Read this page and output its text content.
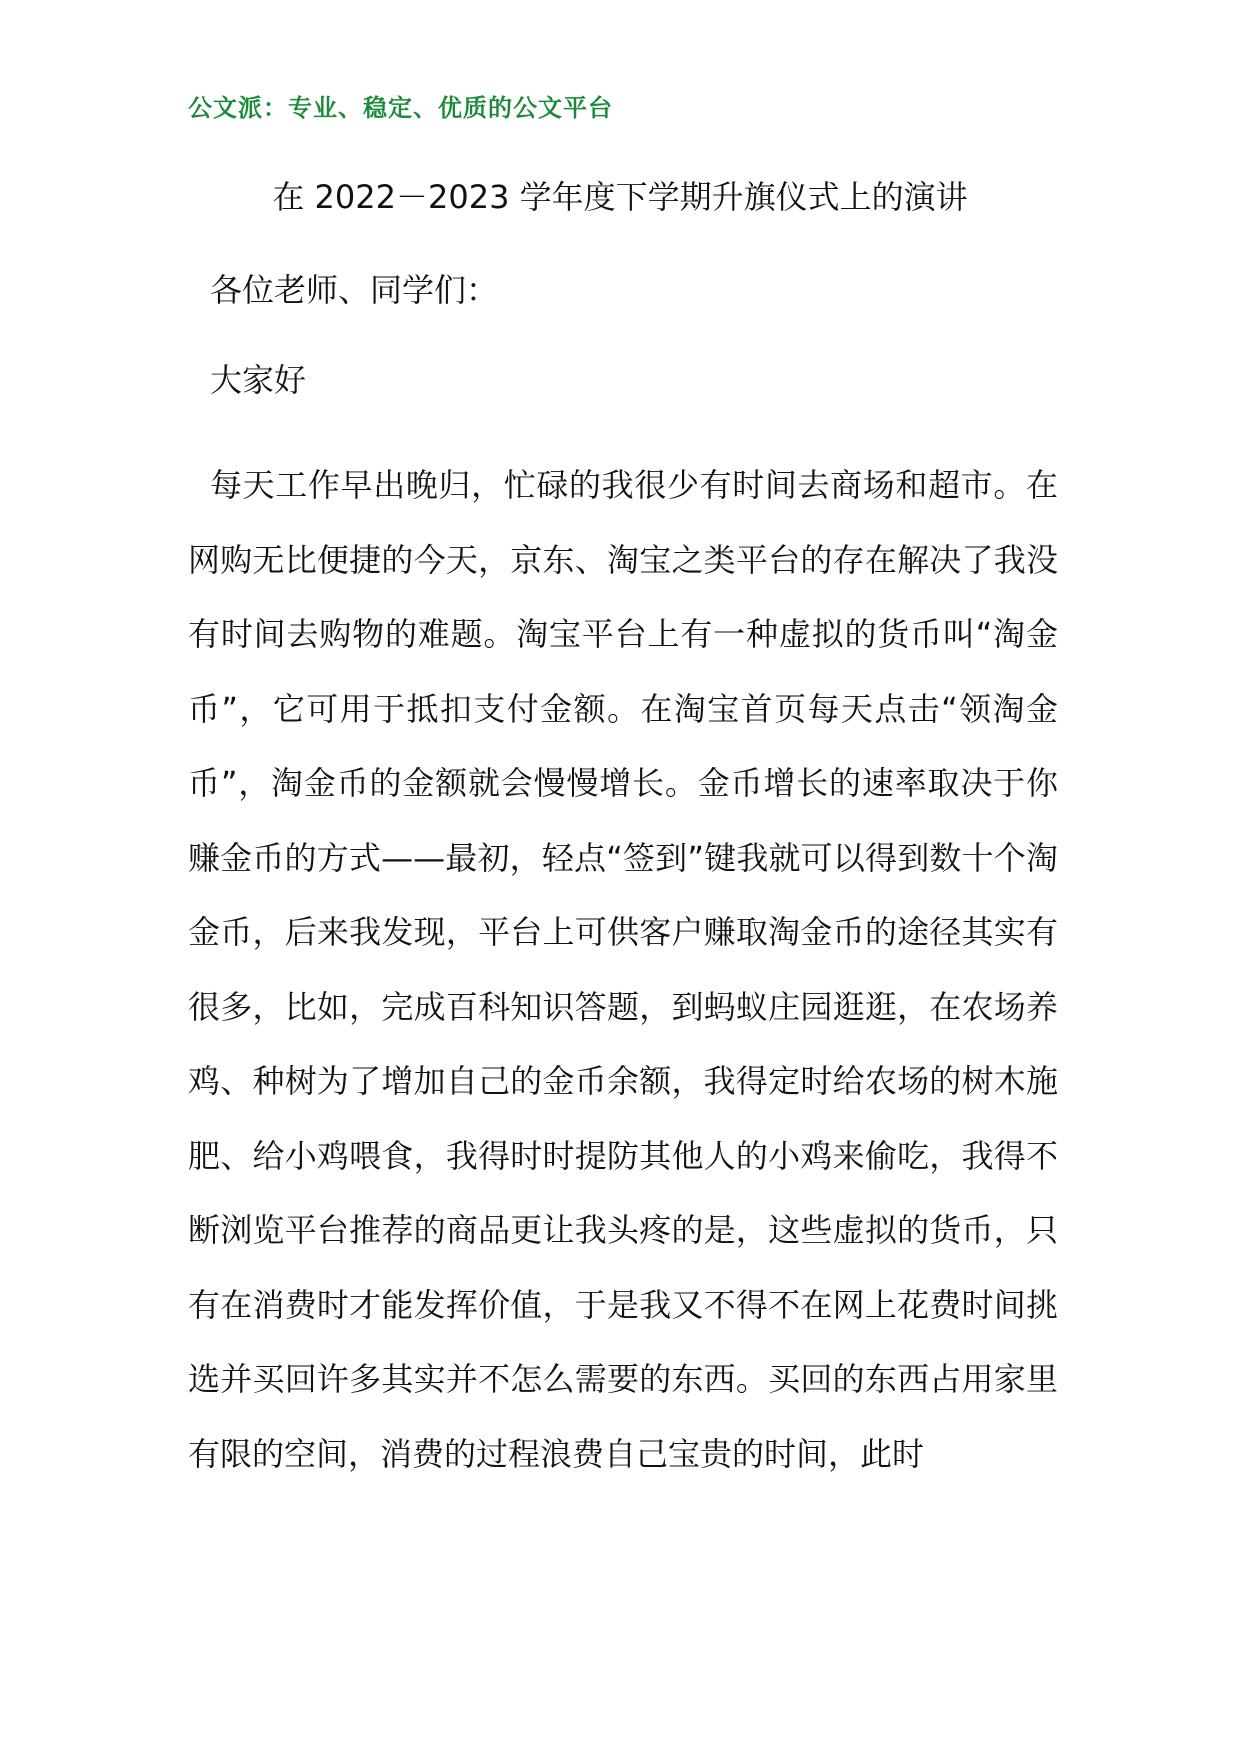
公文派：专业、稳定、优质的公文平台
在 2022－2023 学年度下学期升旗仪式上的演讲
各位老师、同学们：
大家好
每天工作早出晚归，忙碌的我很少有时间去商场和超市。在网购无比便捷的今天，京东、淘宝之类平台的存在解决了我没有时间去购物的难题。淘宝平台上有一种虚拟的货币叫“淘金币”，它可用于抵扣支付金额。在淘宝首页每天点击“领淘金币”，淘金币的金额就会慢慢增长。金币增长的速率取决于你赚金币的方式——最初，轻点“签到”键我就可以得到数十个淘金币，后来我发现，平台上可供客户赚取淘金币的途径其实有很多，比如，完成百科知识答题，到蚂蚁庄园逛逛，在农场养鸡、种树为了增加自己的金币余额，我得定时给农场的树木施肥、给小鸡喂食，我得时时提防其他人的小鸡来偷吃，我得不断浏览平台推荐的商品更让我头疼的是，这些虚拟的货币，只有在消费时才能发挥价值，于是我又不得不在网上花费时间挑选并买回许多其实并不怎么需要的东西。买回的东西占用家里有限的空间，消费的过程浪费自己宝贵的时间，此时
